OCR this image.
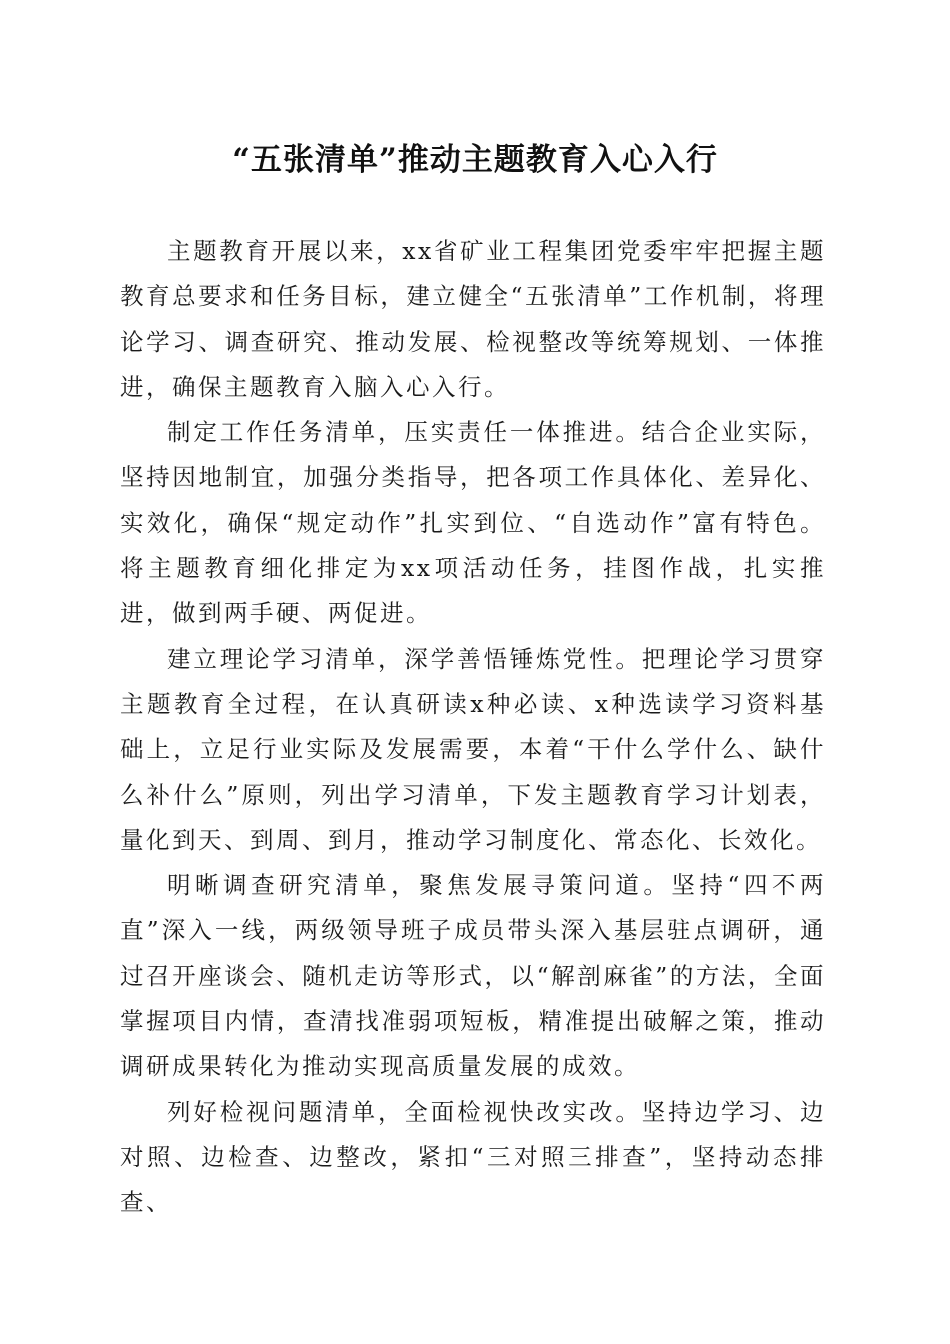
“五张清单”推动主题教育入心入行

主题教育开展以来，xx省矿业工程集团党委牢牢把握主题教育总要求和任务目标，建立健全“五张清单”工作机制，将理论学习、调查研究、推动发展、检视整改等统筹规划、一体推进，确保主题教育入脑入心入行。

制定工作任务清单，压实责任一体推进。结合企业实际，坚持因地制宜，加强分类指导，把各项工作具体化、差异化、实效化，确保“规定动作”扎实到位、“自选动作”富有特色。将主题教育细化排定为xx项活动任务，挂图作战，扎实推进，做到两手硬、两促进。

建立理论学习清单，深学善悟锤炼党性。把理论学习贯穿主题教育全过程，在认真研读x种必读、x种选读学习资料基础上，立足行业实际及发展需要，本着“干什么学什么、缺什么补什么”原则，列出学习清单，下发主题教育学习计划表，量化到天、到周、到月，推动学习制度化、常态化、长效化。

明晰调查研究清单，聚焦发展寻策问道。坚持“四不两直”深入一线，两级领导班子成员带头深入基层驻点调研，通过召开座谈会、随机走访等形式，以“解剖麻雀”的方法，全面掌握项目内情，查清找准弱项短板，精准提出破解之策，推动调研成果转化为推动实现高质量发展的成效。

列好检视问题清单，全面检视快改实改。坚持边学习、边对照、边检查、边整改，紧扣“三对照三排查”，坚持动态排查、
